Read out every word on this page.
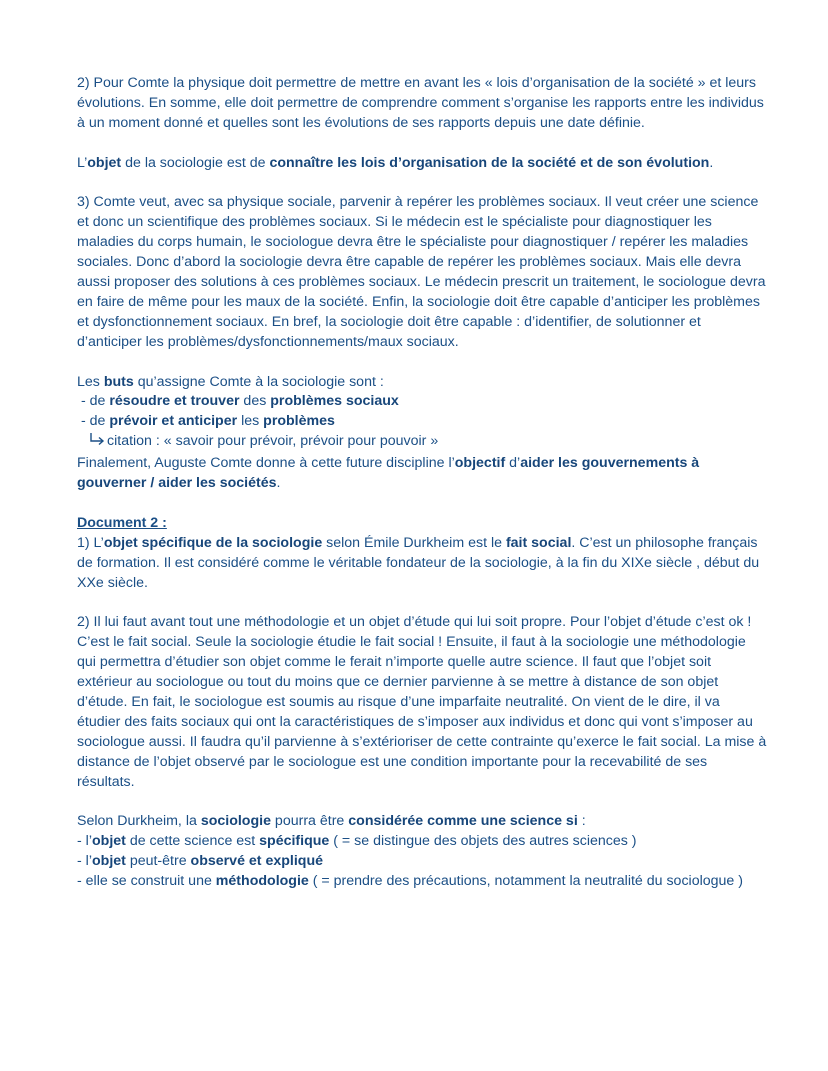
2) Pour Comte la physique doit permettre de mettre en avant les « lois d’organisation de la société » et leurs évolutions. En somme, elle doit permettre de comprendre comment s’organise les rapports entre les individus à un moment donné et quelles sont les évolutions de ses rapports depuis une date définie.

L’objet de la sociologie est de connaître les lois d’organisation de la société et de son évolution.

3) Comte veut, avec sa physique sociale, parvenir à repérer les problèmes sociaux. Il veut créer une science et donc un scientifique des problèmes sociaux. Si le médecin est le spécialiste pour diagnostiquer les maladies du corps humain, le sociologue devra être le spécialiste pour diagnostiquer / repérer les maladies sociales. Donc d’abord la sociologie devra être capable de repérer les problèmes sociaux. Mais elle devra aussi proposer des solutions à ces problèmes sociaux. Le médecin prescrit un traitement, le sociologue devra en faire de même pour les maux de la société. Enfin, la sociologie doit être capable d’anticiper les problèmes et dysfonctionnement sociaux. En bref, la sociologie doit être capable : d’identifier, de solutionner et d’anticiper les problèmes/dysfonctionnements/maux sociaux.

Les buts qu’assigne Comte à la sociologie sont :
- de résoudre et trouver des problèmes sociaux
- de prévoir et anticiper les problèmes
citation : « savoir pour prévoir, prévoir pour pouvoir »
Finalement, Auguste Comte donne à cette future discipline l’objectif d’aider les gouvernements à gouverner / aider les sociétés.

Document 2 :
1) L’objet spécifique de la sociologie selon Émile Durkheim est le fait social. C’est un philosophe français de formation. Il est considéré comme le véritable fondateur de la sociologie, à la fin du XIXe siècle , début du XXe siècle.

2) Il lui faut avant tout une méthodologie et un objet d’étude qui lui soit propre. Pour l’objet d’étude c’est ok ! C’est le fait social. Seule la sociologie étudie le fait social ! Ensuite, il faut à la sociologie une méthodologie qui permettra d’étudier son objet comme le ferait n’importe quelle autre science. Il faut que l’objet soit extérieur au sociologue ou tout du moins que ce dernier parvienne à se mettre à distance de son objet d’étude. En fait, le sociologue est soumis au risque d’une imparfaite neutralité. On vient de le dire, il va étudier des faits sociaux qui ont la caractéristiques de s’imposer aux individus et donc qui vont s’imposer au sociologue aussi. Il faudra qu’il parvienne à s’extérioriser de cette contrainte qu’exerce le fait social. La mise à distance de l’objet observé par le sociologue est une condition importante pour la recevabilité de ses résultats.

Selon Durkheim, la sociologie pourra être considérée comme une science si :
- l’objet de cette science est spécifique ( = se distingue des objets des autres sciences )
- l’objet peut-être observé et expliqué
- elle se construit une méthodologie ( = prendre des précautions, notamment la neutralité du sociologue )
